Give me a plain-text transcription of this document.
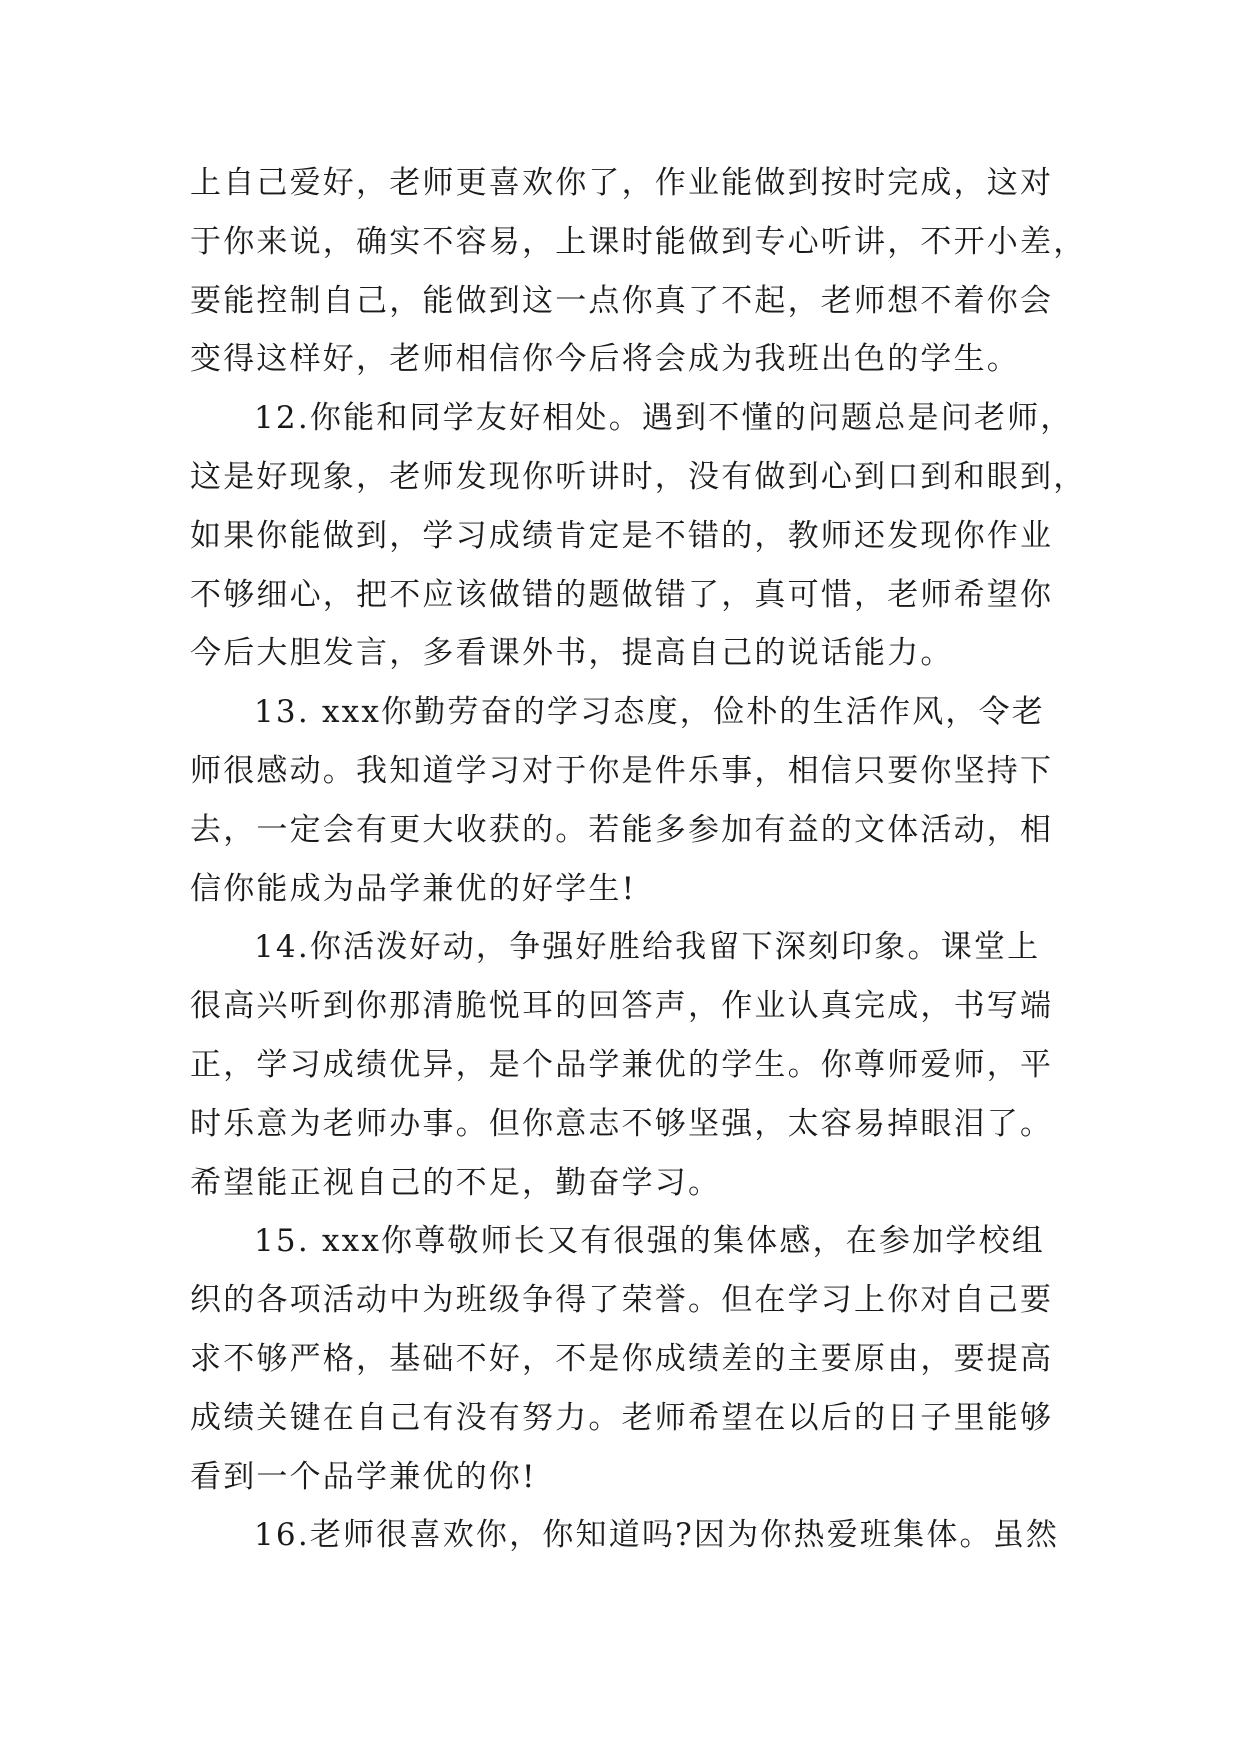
上自己爱好，老师更喜欢你了，作业能做到按时完成，这对
于你来说，确实不容易，上课时能做到专心听讲，不开小差，
要能控制自己，能做到这一点你真了不起，老师想不着你会
变得这样好，老师相信你今后将会成为我班出色的学生。
12.你能和同学友好相处。遇到不懂的问题总是问老师，
这是好现象，老师发现你听讲时，没有做到心到口到和眼到，
如果你能做到，学习成绩肯定是不错的，教师还发现你作业
不够细心，把不应该做错的题做错了，真可惜，老师希望你
今后大胆发言，多看课外书，提高自己的说话能力。
13. xxx你勤劳奋的学习态度，俭朴的生活作风，令老
师很感动。我知道学习对于你是件乐事，相信只要你坚持下
去，一定会有更大收获的。若能多参加有益的文体活动，相
信你能成为品学兼优的好学生!
14.你活泼好动，争强好胜给我留下深刻印象。课堂上
很高兴听到你那清脆悦耳的回答声，作业认真完成，书写端
正，学习成绩优异，是个品学兼优的学生。你尊师爱师，平
时乐意为老师办事。但你意志不够坚强，太容易掉眼泪了。
希望能正视自己的不足，勤奋学习。
15. xxx你尊敬师长又有很强的集体感，在参加学校组
织的各项活动中为班级争得了荣誉。但在学习上你对自己要
求不够严格，基础不好，不是你成绩差的主要原由，要提高
成绩关键在自己有没有努力。老师希望在以后的日子里能够
看到一个品学兼优的你!
16.老师很喜欢你，你知道吗?因为你热爱班集体。虽然
